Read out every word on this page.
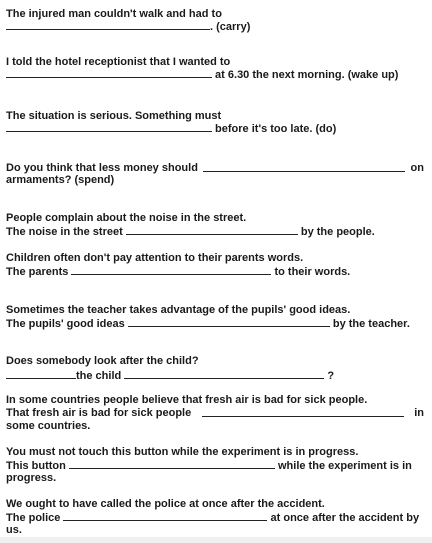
The injured man couldn't walk and had to
. (carry)
I told the hotel receptionist that I wanted to
at 6.30 the next morning. (wake up)
The situation is serious. Something must
before it's too late. (do)
Do you think that less money should	on
armaments? (spend)
People complain about the noise in the street.
The noise in the street	by the people.
Children often don't pay attention to their parents words.
The parents	to their words.
Sometimes the teacher takes advantage of the pupils' good ideas.
The pupils' good ideas	by the teacher.
Does somebody look after the child?
the child	?
In some countries people believe that fresh air is bad for sick people.
That fresh air is bad for sick people	in
some countries.
You must not touch this button while the experiment is in progress.
This button	while the experiment is in
progress.
We ought to have called the police at once after the accident.
The police	at once after the accident by
us.
